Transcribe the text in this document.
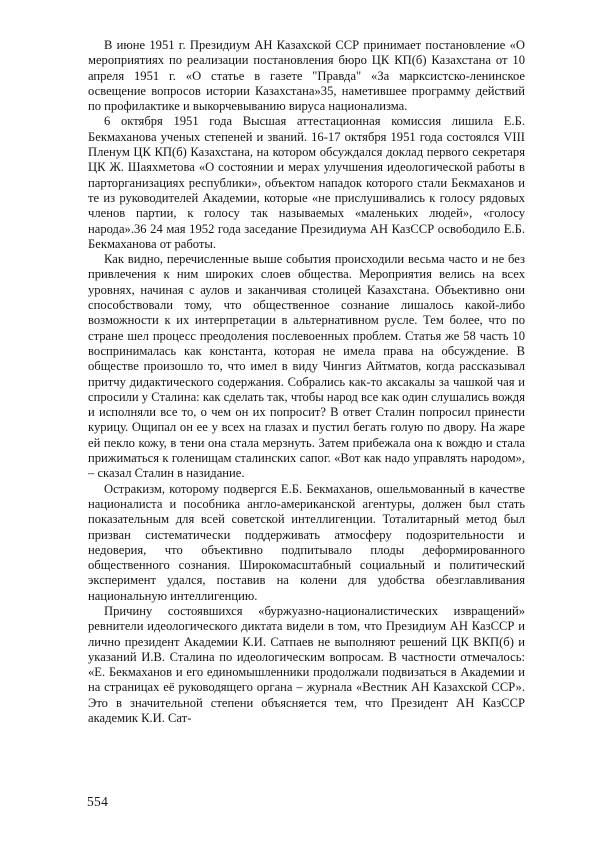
В июне 1951 г. Президиум АН Казахской ССР принимает постановление «О мероприятиях по реализации постановления бюро ЦК КП(б) Казахстана от 10 апреля 1951 г. «О статье в газете "Правда" «За марксистско-ленинское освещение вопросов истории Казахстана»35, наметившее программу действий по профилактике и выкорчевыванию вируса национализма.

6 октября 1951 года Высшая аттестационная комиссия лишила Е.Б. Бекмаханова ученых степеней и званий. 16-17 октября 1951 года состоялся VIII Пленум ЦК КП(б) Казахстана, на котором обсуждался доклад первого секретаря ЦК Ж. Шаяхметова «О состоянии и мерах улучшения идеологической работы в парторганизациях республики», объектом нападок которого стали Бекмаханов и те из руководителей Академии, которые «не прислушивались к голосу рядовых членов партии, к голосу так называемых «маленьких людей», «голосу народа».36 24 мая 1952 года заседание Президиума АН КазССР освободило Е.Б. Бекмаханова от работы.

Как видно, перечисленные выше события происходили весьма часто и не без привлечения к ним широких слоев общества. Мероприятия велись на всех уровнях, начиная с аулов и заканчивая столицей Казахстана. Объективно они способствовали тому, что общественное сознание лишалось какой-либо возможности к их интерпретации в альтернативном русле. Тем более, что по стране шел процесс преодоления послевоенных проблем. Статья же 58 часть 10 воспринималась как константа, которая не имела права на обсуждение. В обществе произошло то, что имел в виду Чингиз Айтматов, когда рассказывал притчу дидактического содержания. Собрались как-то аксакалы за чашкой чая и спросили у Сталина: как сделать так, чтобы народ все как один слушались вождя и исполняли все то, о чем он их попросит? В ответ Сталин попросил принести курицу. Ощипал он ее у всех на глазах и пустил бегать голую по двору. На жаре ей пекло кожу, в тени она стала мерзнуть. Затем прибежала она к вождю и стала прижиматься к голенищам сталинских сапог. «Вот как надо управлять народом», – сказал Сталин в назидание.

Остракизм, которому подвергся Е.Б. Бекмаханов, ошельмованный в качестве националиста и пособника англо-американской агентуры, должен был стать показательным для всей советской интеллигенции. Тоталитарный метод был призван систематически поддерживать атмосферу подозрительности и недоверия, что объективно подпитывало плоды деформированного общественного сознания. Широкомасштабный социальный и политический эксперимент удался, поставив на колени для удобства обезглавливания национальную интеллигенцию.

Причину состоявшихся «буржуазно-националистических извращений» ревнители идеологического диктата видели в том, что Президиум АН КазССР и лично президент Академии К.И. Сатпаев не выполняют решений ЦК ВКП(б) и указаний И.В. Сталина по идеологическим вопросам. В частности отмечалось: «Е. Бекмаханов и его единомышленники продолжали подвизаться в Академии и на страницах её руководящего органа – журнала «Вестник АН Казахской ССР». Это в значительной степени объясняется тем, что Президент АН КазССР академик К.И. Сат-

554
